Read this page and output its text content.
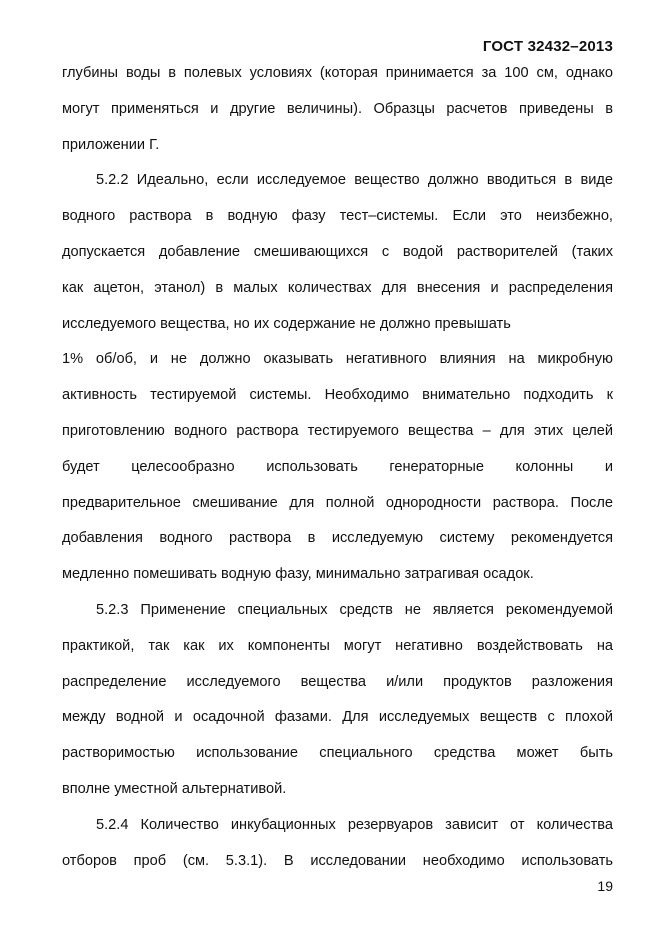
ГОСТ 32432–2013
глубины воды в полевых условиях (которая принимается за 100 см, однако
могут применяться и другие величины). Образцы расчетов приведены в
приложении Г.
5.2.2 Идеально, если исследуемое вещество должно вводиться в виде
водного раствора в водную фазу тест–системы. Если это неизбежно,
допускается добавление смешивающихся с водой растворителей (таких
как ацетон, этанол) в малых количествах для внесения и распределения
исследуемого вещества, но их содержание не должно превышать
1% об/об, и не должно оказывать негативного влияния на микробную
активность тестируемой системы. Необходимо внимательно подходить к
приготовлению водного раствора тестируемого вещества – для этих целей
будет целесообразно использовать генераторные колонны и
предварительное смешивание для полной однородности раствора. После
добавления водного раствора в исследуемую систему рекомендуется
медленно помешивать водную фазу, минимально затрагивая осадок.
5.2.3 Применение специальных средств не является рекомендуемой
практикой, так как их компоненты могут негативно воздействовать на
распределение исследуемого вещества и/или продуктов разложения
между водной и осадочной фазами. Для исследуемых веществ с плохой
растворимостью использование специального средства может быть
вполне уместной альтернативой.
5.2.4 Количество инкубационных резервуаров зависит от количества
отборов проб (см. 5.3.1). В исследовании необходимо использовать
19
